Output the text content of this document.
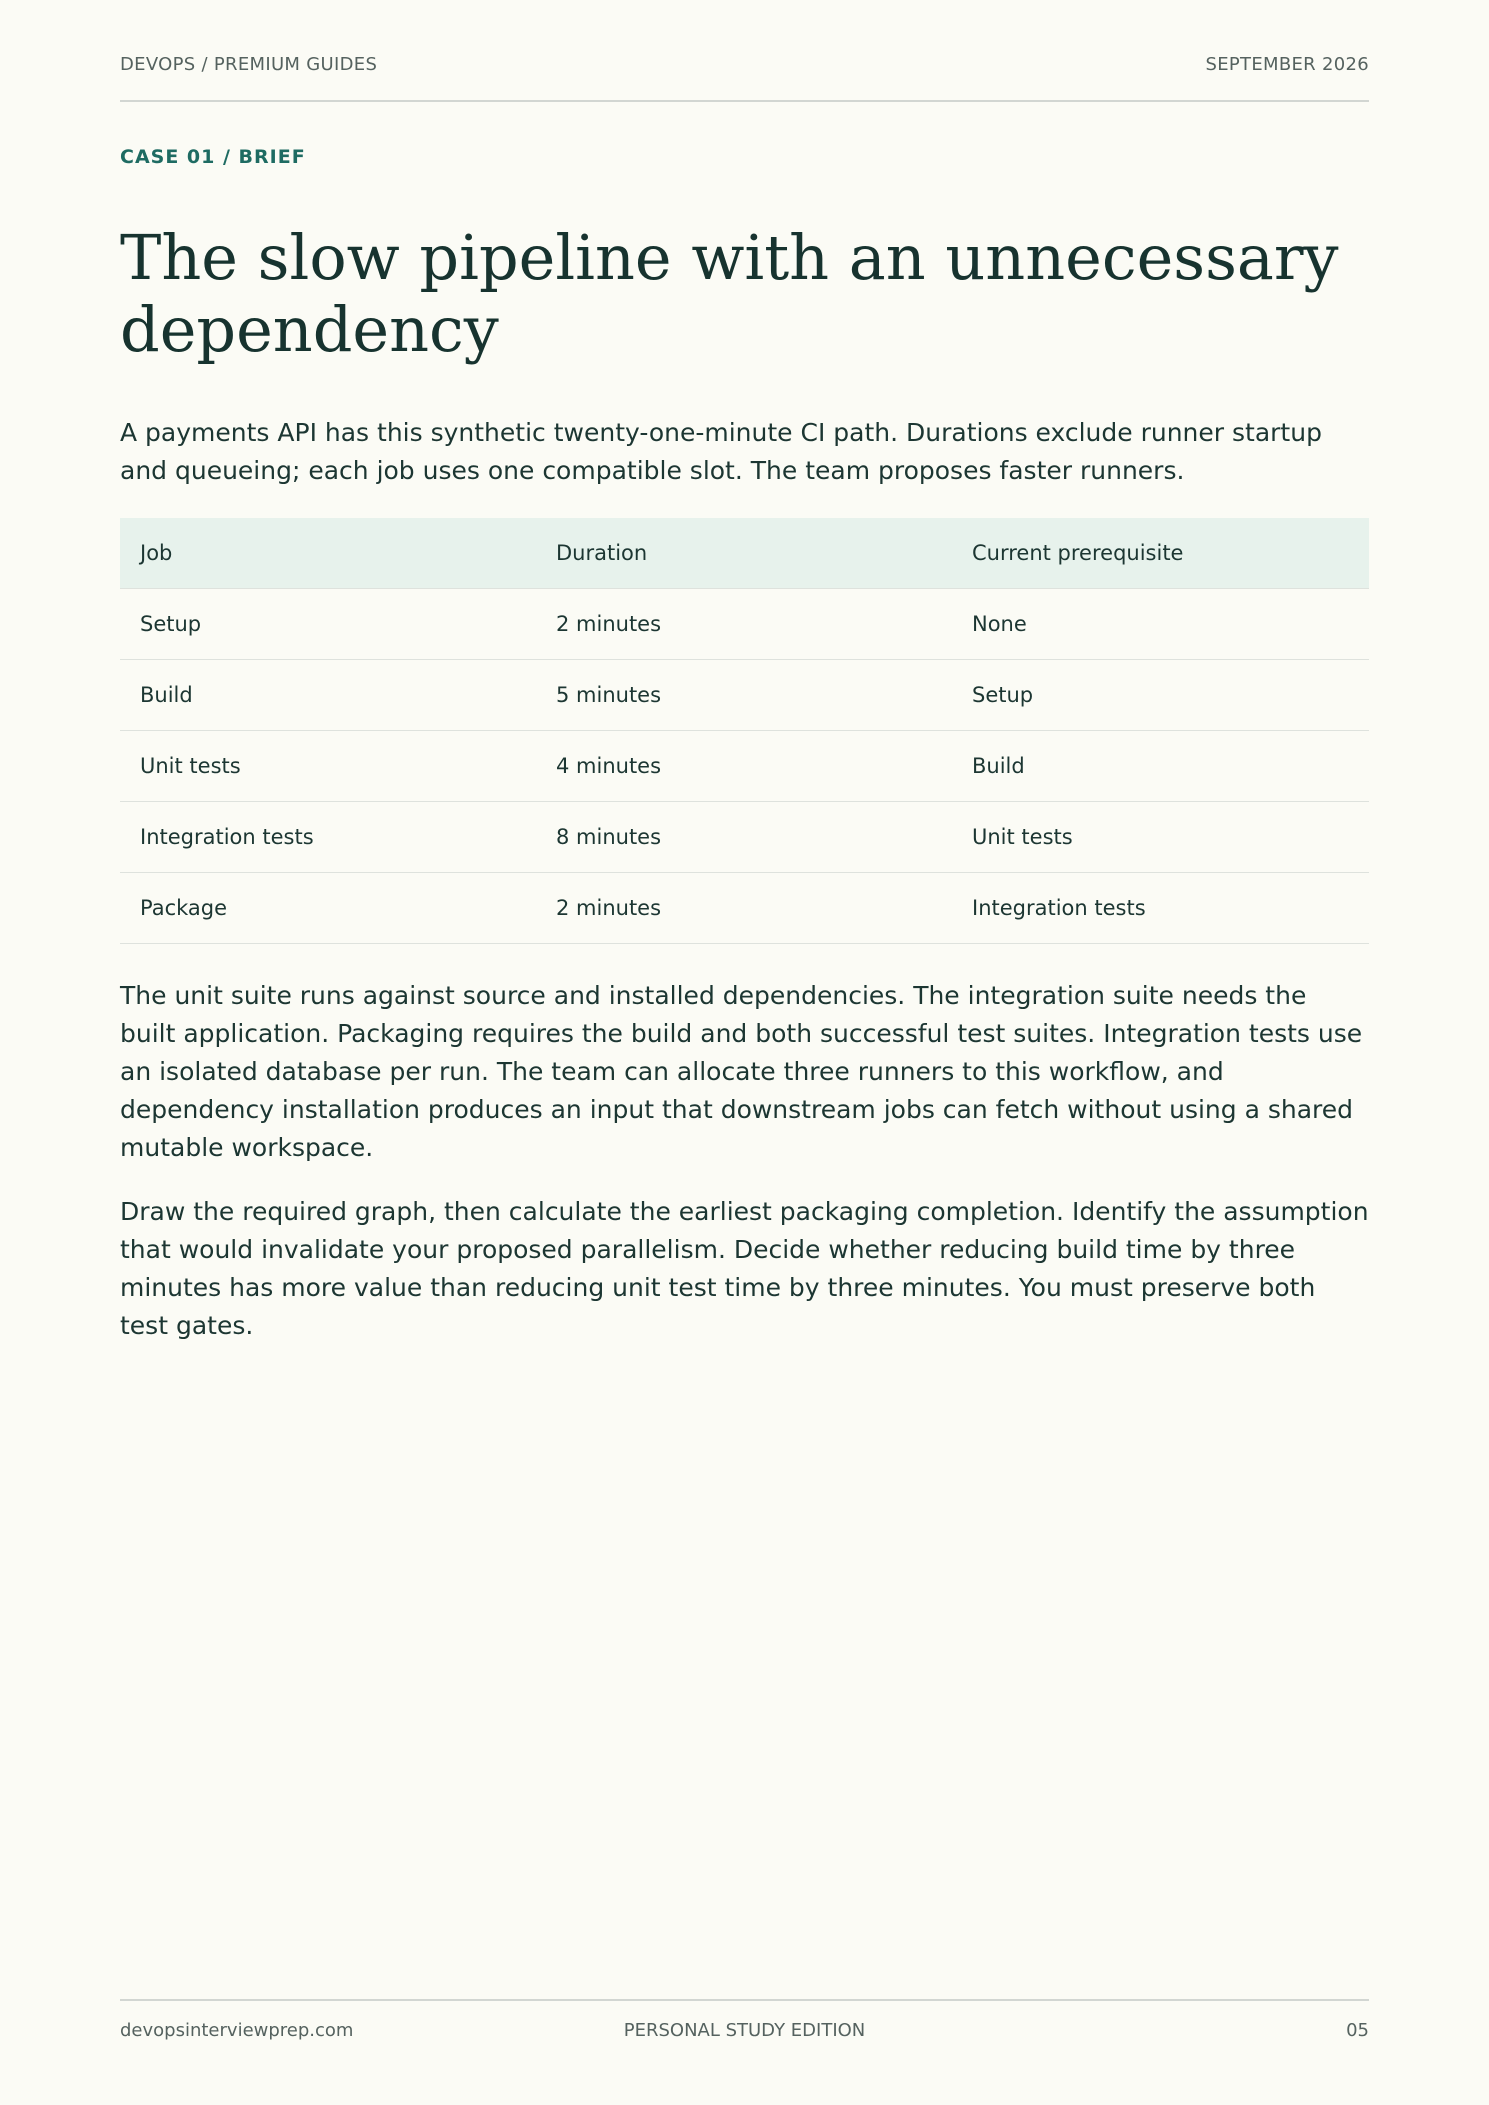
DEVOPS / PREMIUM GUIDES	SEPTEMBER 2026
CASE 01 / BRIEF
The slow pipeline with an unnecessary dependency

A payments API has this synthetic twenty-one-minute CI path. Durations exclude runner startup and queueing; each job uses one compatible slot. The team proposes faster runners.

Job	Duration	Current prerequisite
Setup	2 minutes	None
Build	5 minutes	Setup
Unit tests	4 minutes	Build
Integration tests	8 minutes	Unit tests
Package	2 minutes	Integration tests

The unit suite runs against source and installed dependencies. The integration suite needs the built application. Packaging requires the build and both successful test suites. Integration tests use an isolated database per run. The team can allocate three runners to this workflow, and dependency installation produces an input that downstream jobs can fetch without using a shared mutable workspace.

Draw the required graph, then calculate the earliest packaging completion. Identify the assumption that would invalidate your proposed parallelism. Decide whether reducing build time by three minutes has more value than reducing unit test time by three minutes. You must preserve both test gates.

devopsinterviewprep.com	PERSONAL STUDY EDITION	05
